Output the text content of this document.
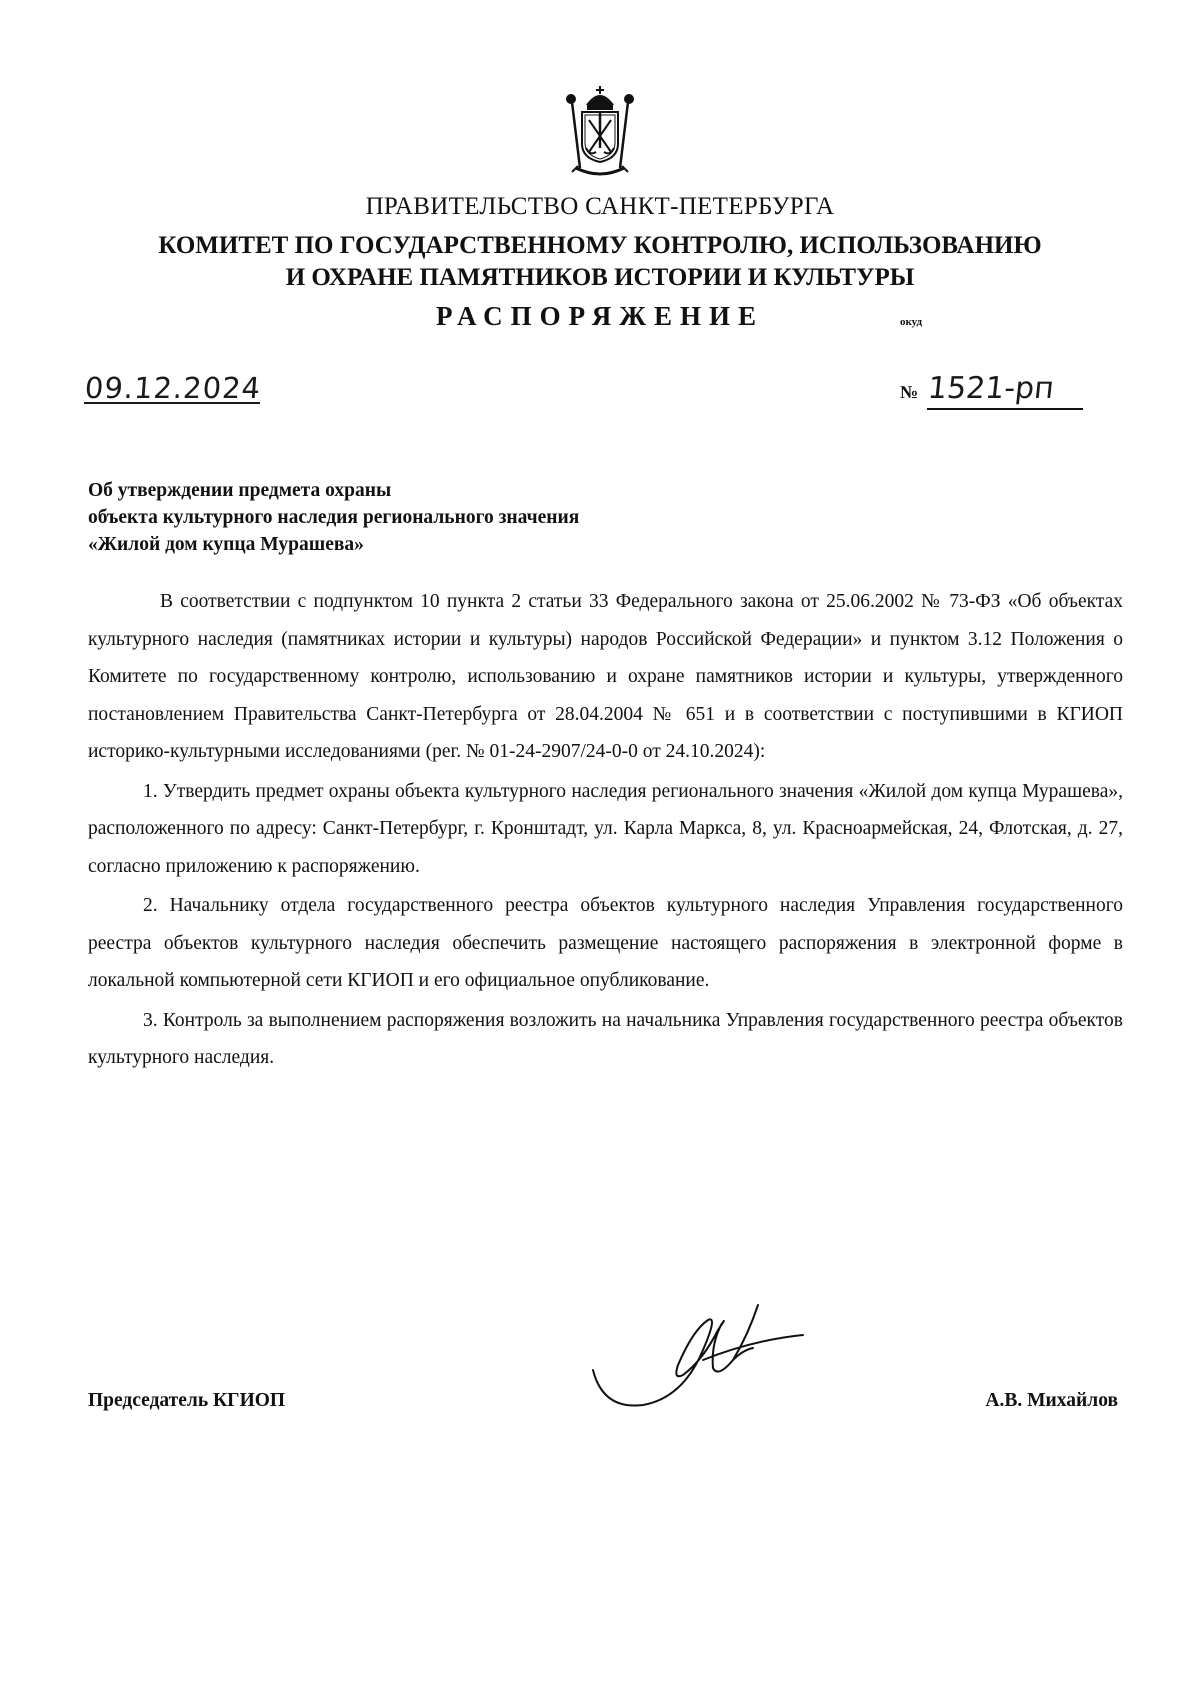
ПРАВИТЕЛЬСТВО САНКТ-ПЕТЕРБУРГА
КОМИТЕТ ПО ГОСУДАРСТВЕННОМУ КОНТРОЛЮ, ИСПОЛЬЗОВАНИЮ
И ОХРАНЕ ПАМЯТНИКОВ ИСТОРИИ И КУЛЬТУРЫ
РАСПОРЯЖЕНИЕ	окуд
09.12.2024	№ 1521-рп
Об утверждении предмета охраны
объекта культурного наследия регионального значения
«Жилой дом купца Мурашева»

В соответствии с подпунктом 10 пункта 2 статьи 33 Федерального закона от 25.06.2002 № 73-ФЗ «Об объектах культурного наследия (памятниках истории и культуры) народов Российской Федерации» и пунктом 3.12 Положения о Комитете по государственному контролю, использованию и охране памятников истории и культуры, утвержденного постановлением Правительства Санкт-Петербурга от 28.04.2004 № 651 и в соответствии с поступившими в КГИОП историко-культурными исследованиями (рег. № 01-24-2907/24-0-0 от 24.10.2024):

1. Утвердить предмет охраны объекта культурного наследия регионального значения «Жилой дом купца Мурашева», расположенного по адресу: Санкт-Петербург, г. Кронштадт, ул. Карла Маркса, 8, ул. Красноармейская, 24, Флотская, д. 27, согласно приложению к распоряжению.

2. Начальнику отдела государственного реестра объектов культурного наследия Управления государственного реестра объектов культурного наследия обеспечить размещение настоящего распоряжения в электронной форме в локальной компьютерной сети КГИОП и его официальное опубликование.

3. Контроль за выполнением распоряжения возложить на начальника Управления государственного реестра объектов культурного наследия.

Председатель КГИОП	А.В. Михайлов
